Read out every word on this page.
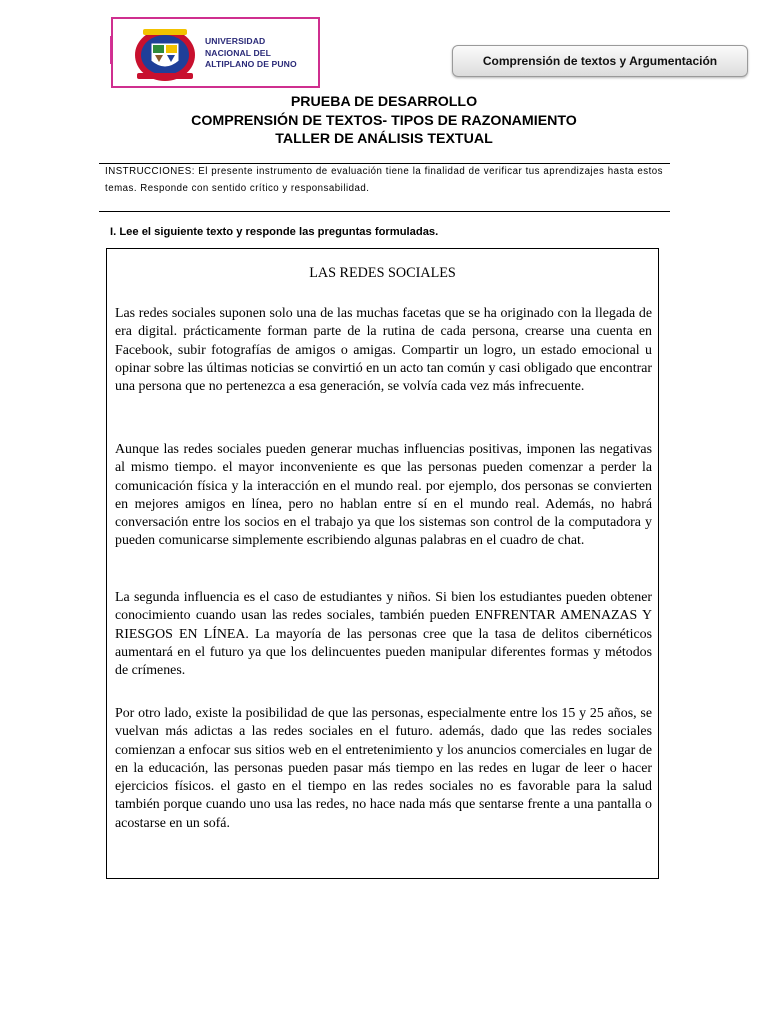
UNIVERSIDAD
NACIONAL DEL
ALTIPLANO DE PUNO	Comprensión de textos y Argumentación
PRUEBA DE DESARROLLO
COMPRENSIÓN DE TEXTOS- TIPOS DE RAZONAMIENTO
TALLER DE ANÁLISIS TEXTUAL
INSTRUCCIONES: El presente instrumento de evaluación tiene la finalidad de verificar tus aprendizajes hasta estos temas. Responde con sentido crítico y responsabilidad.
I. Lee el siguiente texto y responde las preguntas formuladas.
LAS REDES SOCIALES
Las redes sociales suponen solo una de las muchas facetas que se ha originado con la llegada de era digital. prácticamente forman parte de la rutina de cada persona, crearse una cuenta en Facebook, subir fotografías de amigos o amigas. Compartir un logro, un estado emocional u opinar sobre las últimas noticias se convirtió en un acto tan común y casi obligado que encontrar una persona que no pertenezca a esa generación, se volvía cada vez más infrecuente.
Aunque las redes sociales pueden generar muchas influencias positivas, imponen las negativas al mismo tiempo. el mayor inconveniente es que las personas pueden comenzar a perder la comunicación física y la interacción en el mundo real. por ejemplo, dos personas se convierten en mejores amigos en línea, pero no hablan entre sí en el mundo real. Además, no habrá conversación entre los socios en el trabajo ya que los sistemas son control de la computadora y pueden comunicarse simplemente escribiendo algunas palabras en el cuadro de chat.
La segunda influencia es el caso de estudiantes y niños. Si bien los estudiantes pueden obtener conocimiento cuando usan las redes sociales, también pueden ENFRENTAR AMENAZAS Y RIESGOS EN LÍNEA. La mayoría de las personas cree que la tasa de delitos cibernéticos aumentará en el futuro ya que los delincuentes pueden manipular diferentes formas y métodos de crímenes.
Por otro lado, existe la posibilidad de que las personas, especialmente entre los 15 y 25 años, se vuelvan más adictas a las redes sociales en el futuro. además, dado que las redes sociales comienzan a enfocar sus sitios web en el entretenimiento y los anuncios comerciales en lugar de en la educación, las personas pueden pasar más tiempo en las redes en lugar de leer o hacer ejercicios físicos. el gasto en el tiempo en las redes sociales no es favorable para la salud también porque cuando uno usa las redes, no hace nada más que sentarse frente a una pantalla o acostarse en un sofá.
